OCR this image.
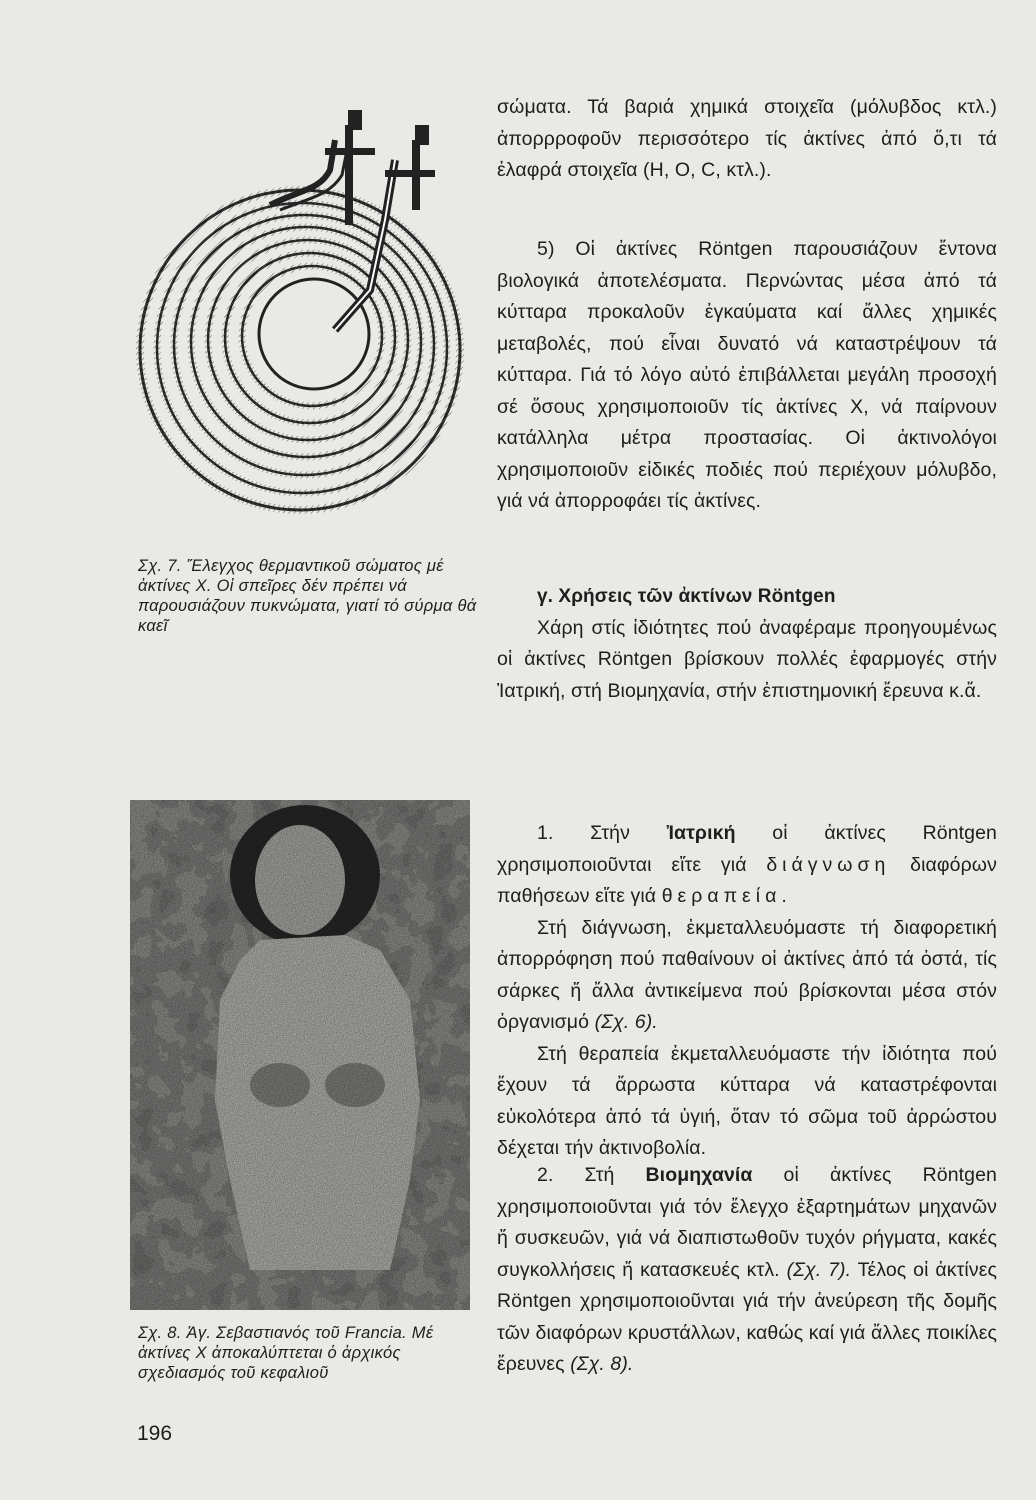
Σχ. 7. Ἔλεγχος θερμαντικοῦ σώματος μέ ἀκτίνες Χ. Οἱ σπεῖρες δέν πρέπει νά παρουσιάζουν πυκνώματα, γιατί τό σύρμα θά καεῖ

Σχ. 8. Ἁγ. Σεβαστιανός τοῦ Francia. Μέ ἀκτίνες Χ ἀποκαλύπτεται ὁ ἀρχικός σχεδιασμός τοῦ κεφαλιοῦ

σώματα. Τά βαριά χημικά στοιχεῖα (μόλυβδος κτλ.) ἀπορρροφοῦν περισσότερο τίς ἀκτίνες ἀπό ὅ,τι τά ἐλαφρά στοιχεῖα (Η, Ο, C, κτλ.).

5) Οἱ ἀκτίνες Röntgen παρουσιάζουν ἔντονα βιολογικά ἀποτελέσματα. Περνώντας μέσα ἀπό τά κύτταρα προκαλοῦν ἐγκαύματα καί ἄλλες χημικές μεταβολές, πού εἶναι δυνατό νά καταστρέψουν τά κύτταρα. Γιά τό λόγο αὐτό ἐπιβάλλεται μεγάλη προσοχή σέ ὅσους χρησιμοποιοῦν τίς ἀκτίνες Χ, νά παίρνουν κατάλληλα μέτρα προστασίας. Οἱ ἀκτινολόγοι χρησιμοποιοῦν εἰδικές ποδιές πού περιέχουν μόλυβδο, γιά νά ἀπορροφάει τίς ἀκτίνες.

γ. Χρήσεις τῶν ἀκτίνων Röntgen

Χάρη στίς ἰδιότητες πού ἀναφέραμε προηγουμένως οἱ ἀκτίνες Röntgen βρίσκουν πολλές ἐφαρμογές στήν Ἰατρική, στή Βιομηχανία, στήν ἐπιστημονική ἔρευνα κ.ἄ.

1. Στήν Ἰατρική οἱ ἀκτίνες Röntgen χρησιμοποιοῦνται εἴτε γιά διάγνωση διαφόρων παθήσεων εἴτε γιά θεραπεία.

Στή διάγνωση, ἐκμεταλλευόμαστε τή διαφορετική ἀπορρόφηση πού παθαίνουν οἱ ἀκτίνες ἀπό τά ὀστά, τίς σάρκες ἤ ἄλλα ἀντικείμενα πού βρίσκονται μέσα στόν ὀργανισμό (Σχ. 6).

Στή θεραπεία ἐκμεταλλευόμαστε τήν ἰδιότητα πού ἔχουν τά ἄρρωστα κύτταρα νά καταστρέφονται εὐκολότερα ἀπό τά ὑγιή, ὅταν τό σῶμα τοῦ ἀρρώστου δέχεται τήν ἀκτινοβολία.

2. Στή Βιομηχανία οἱ ἀκτίνες Röntgen χρησιμοποιοῦνται γιά τόν ἔλεγχο ἐξαρτημάτων μηχανῶν ἤ συσκευῶν, γιά νά διαπιστωθοῦν τυχόν ρήγματα, κακές συγκολλήσεις ἤ κατασκευές κτλ. (Σχ. 7). Τέλος οἱ ἀκτίνες Röntgen χρησιμοποιοῦνται γιά τήν ἀνεύρεση τῆς δομῆς τῶν διαφόρων κρυστάλλων, καθώς καί γιά ἄλλες ποικίλες ἔρευνες (Σχ. 8).

196
